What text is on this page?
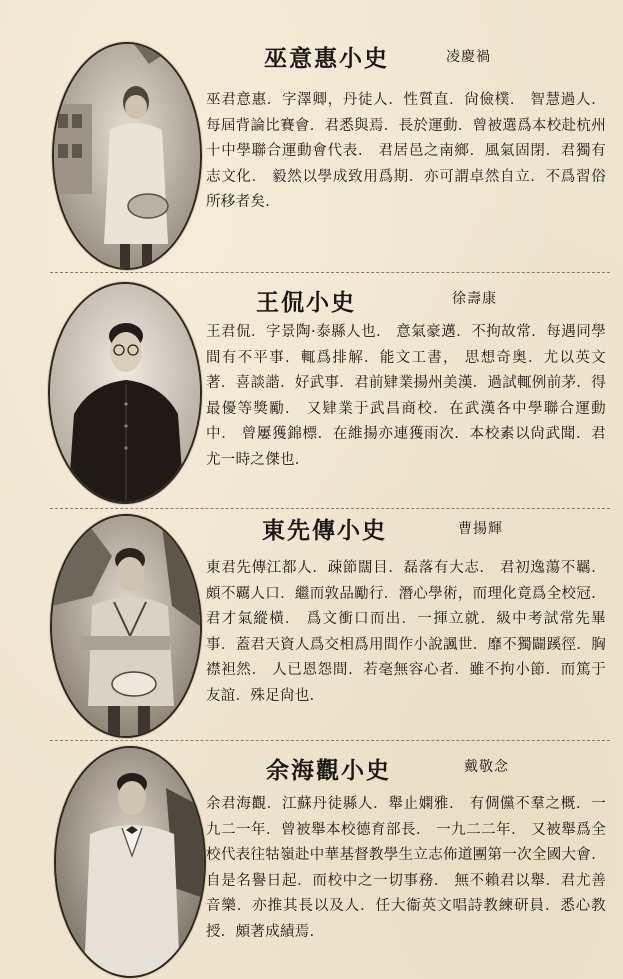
巫意惠小史	凌慶禍
巫君意惠．字澤卿，丹徒人．性質直．尙儉樸． 智慧過人．每屆背論比賽會．君悉與焉．長於運動．曾被選爲本校赴杭州十中學聯合運動會代表． 君居邑之南鄉．風氣固閉．君獨有志文化． 毅然以學成致用爲期．亦可謂卓然自立．不爲習俗所移者矣．
王侃小史	徐壽康
王君侃．字景陶·泰縣人也． 意氣豪邁．不拘故常．每遇同學間有不平事．輒爲排解．能文工書， 思想奇奥．尤以英文著．喜談諧．好武事．君前肄業揚州美漢．過試輒例前茅．得最優等獎勵． 又肄業于武昌商校．在武漢各中學聯合運動中． 曾屢獲錦標．在維揚亦連獲雨次．本校素以尙武聞．君尤一時之傑也．
東先傳小史	曹揚輝
東君先傳江都人．疎節闊目．磊落有大志． 君初逸蕩不羈．頗不覊人口．繼而敦品勵行．潛心學術，而理化竟爲全校冠．君才氣縱橫． 爲文衝口而出．一揮立就．級中考試常先畢事．蓋君天資人爲交相爲用間作小說諷世．靡不獨闢蹊徑．胸襟袒然． 人已恩怨間．若毫無容心者．雖不拘小節．而篤于友誼．殊足尙也．
余海觀小史	戴敬念
余君海觀．江蘇丹徒縣人．舉止嫻雅． 有倜儻不羣之概．一九二一年．曾被舉本校德育部長． 一九二二年． 又被舉爲全校代表往牯嶺赴中華基督教學生立志佈道團第一次全國大會． 自是名譽日起．而校中之一切事務． 無不賴君以舉．君尤善音樂．亦推其長以及人．任大衞英文唱詩教練研員．悉心教授．頗著成績焉．
